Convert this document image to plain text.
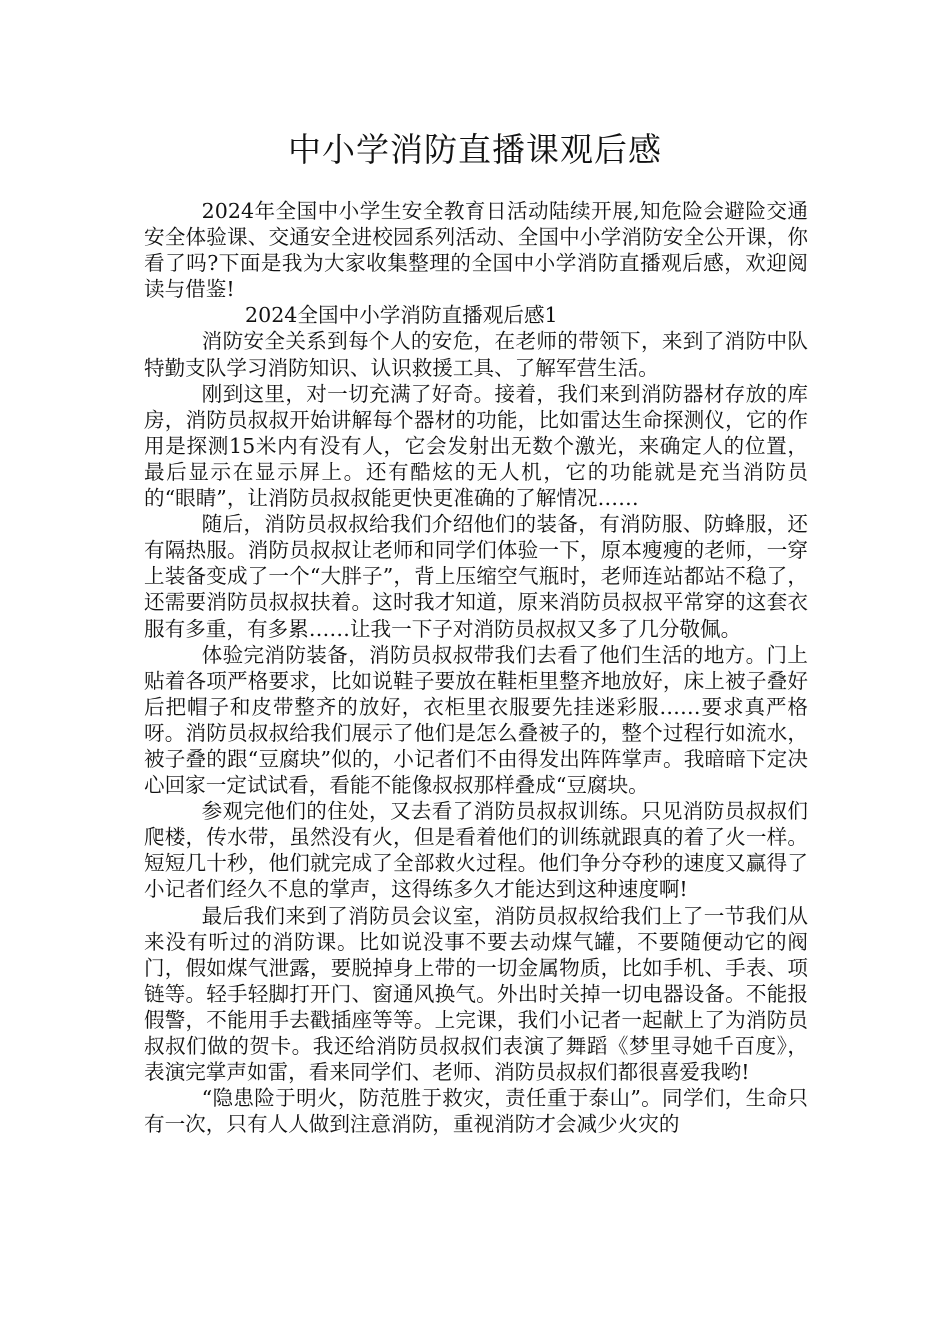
中小学消防直播课观后感

2024年全国中小学生安全教育日活动陆续开展,知危险会避险交通安全体验课、交通安全进校园系列活动、全国中小学消防安全公开课，你看了吗?下面是我为大家收集整理的全国中小学消防直播观后感，欢迎阅读与借鉴!

2024全国中小学消防直播观后感1

消防安全关系到每个人的安危，在老师的带领下，来到了消防中队特勤支队学习消防知识、认识救援工具、了解军营生活。

刚到这里，对一切充满了好奇。接着，我们来到消防器材存放的库房，消防员叔叔开始讲解每个器材的功能，比如雷达生命探测仪，它的作用是探测15米内有没有人，它会发射出无数个激光，来确定人的位置，最后显示在显示屏上。还有酷炫的无人机，它的功能就是充当消防员的“眼睛”，让消防员叔叔能更快更准确的了解情况……

随后，消防员叔叔给我们介绍他们的装备，有消防服、防蜂服，还有隔热服。消防员叔叔让老师和同学们体验一下，原本瘦瘦的老师，一穿上装备变成了一个“大胖子”，背上压缩空气瓶时，老师连站都站不稳了，还需要消防员叔叔扶着。这时我才知道，原来消防员叔叔平常穿的这套衣服有多重，有多累……让我一下子对消防员叔叔又多了几分敬佩。

体验完消防装备，消防员叔叔带我们去看了他们生活的地方。门上贴着各项严格要求，比如说鞋子要放在鞋柜里整齐地放好，床上被子叠好后把帽子和皮带整齐的放好，衣柜里衣服要先挂迷彩服……要求真严格呀。消防员叔叔给我们展示了他们是怎么叠被子的，整个过程行如流水，被子叠的跟“豆腐块”似的，小记者们不由得发出阵阵掌声。我暗暗下定决心回家一定试试看，看能不能像叔叔那样叠成“豆腐块。

参观完他们的住处，又去看了消防员叔叔训练。只见消防员叔叔们爬楼，传水带，虽然没有火，但是看着他们的训练就跟真的着了火一样。短短几十秒，他们就完成了全部救火过程。他们争分夺秒的速度又赢得了小记者们经久不息的掌声，这得练多久才能达到这种速度啊!

最后我们来到了消防员会议室，消防员叔叔给我们上了一节我们从来没有听过的消防课。比如说没事不要去动煤气罐，不要随便动它的阀门，假如煤气泄露，要脱掉身上带的一切金属物质，比如手机、手表、项链等。轻手轻脚打开门、窗通风换气。外出时关掉一切电器设备。不能报假警，不能用手去戳插座等等。上完课，我们小记者一起献上了为消防员叔叔们做的贺卡。我还给消防员叔叔们表演了舞蹈《梦里寻她千百度》，表演完掌声如雷，看来同学们、老师、消防员叔叔们都很喜爱我哟!

“隐患险于明火，防范胜于救灾，责任重于泰山”。同学们，生命只有一次，只有人人做到注意消防，重视消防才会减少火灾的
